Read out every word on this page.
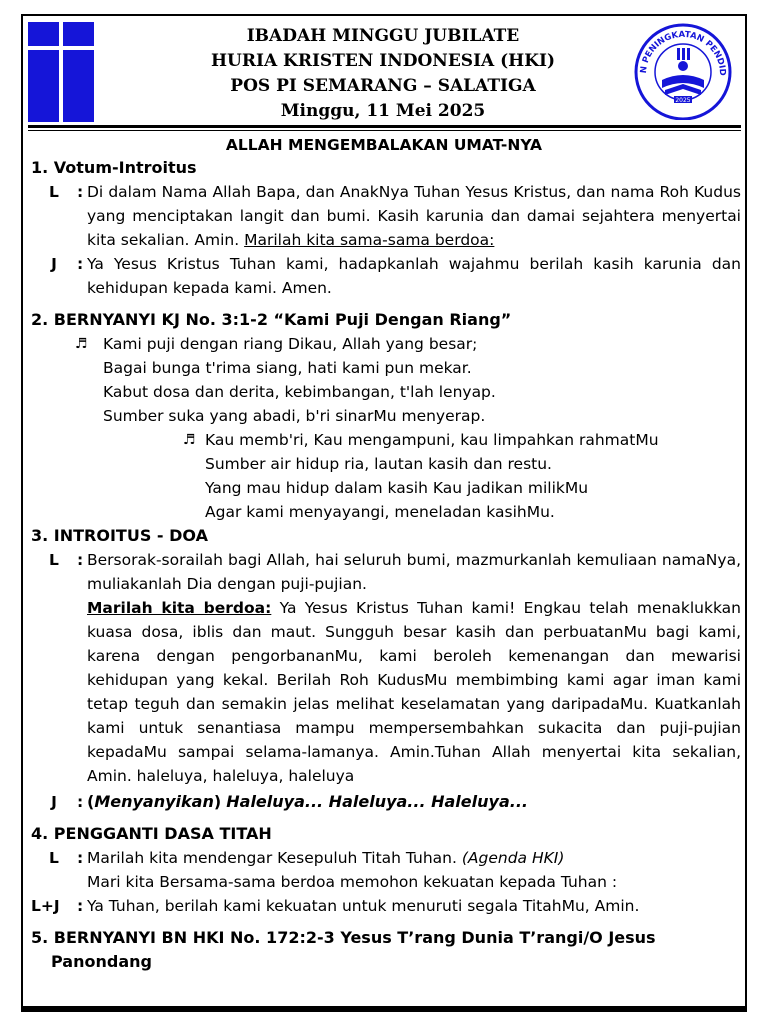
IBADAH MINGGU JUBILATE
HURIA KRISTEN INDONESIA (HKI)
POS PI SEMARANG – SALATIGA
Minggu, 11 Mei 2025
N PENINGKATAN PENDID
2025
ALLAH MENGEMBALAKAN UMAT-NYA
1. Votum-Introitus
L	: Di dalam Nama Allah Bapa, dan AnakNya Tuhan Yesus Kristus, dan nama Roh Kudus yang menciptakan langit dan bumi. Kasih karunia dan damai sejahtera menyertai kita sekalian. Amin. Marilah kita sama-sama berdoa:
J	: Ya Yesus Kristus Tuhan kami, hadapkanlah wajahmu berilah kasih karunia dan kehidupan kepada kami. Amen.
2. BERNYANYI KJ No. 3:1-2 “Kami Puji Dengan Riang”
♬ Kami puji dengan riang Dikau, Allah yang besar;
Bagai bunga t'rima siang, hati kami pun mekar.
Kabut dosa dan derita, kebimbangan, t'lah lenyap.
Sumber suka yang abadi, b'ri sinarMu menyerap.
♬ Kau memb'ri, Kau mengampuni, kau limpahkan rahmatMu
Sumber air hidup ria, lautan kasih dan restu.
Yang mau hidup dalam kasih Kau jadikan milikMu
Agar kami menyayangi, meneladan kasihMu.
3. INTROITUS - DOA
L	: Bersorak-sorailah bagi Allah, hai seluruh bumi, mazmurkanlah kemuliaan namaNya, muliakanlah Dia dengan puji-pujian.
Marilah kita berdoa: Ya Yesus Kristus Tuhan kami! Engkau telah menaklukkan kuasa dosa, iblis dan maut. Sungguh besar kasih dan perbuatanMu bagi kami, karena dengan pengorbananMu, kami beroleh kemenangan dan mewarisi kehidupan yang kekal. Berilah Roh KudusMu membimbing kami agar iman kami tetap teguh dan semakin jelas melihat keselamatan yang daripadaMu. Kuatkanlah kami untuk senantiasa mampu mempersembahkan sukacita dan puji-pujian kepadaMu sampai selama-lamanya. Amin.Tuhan Allah menyertai kita sekalian, Amin. haleluya, haleluya, haleluya
J	: (Menyanyikan) Haleluya... Haleluya... Haleluya...
4. PENGGANTI DASA TITAH
L	: Marilah kita mendengar Kesepuluh Titah Tuhan. (Agenda HKI)
Mari kita Bersama-sama berdoa memohon kekuatan kepada Tuhan :
L+J	: Ya Tuhan, berilah kami kekuatan untuk menuruti segala TitahMu, Amin.
5. BERNYANYI BN HKI No. 172:2-3 Yesus T’rang Dunia T’rangi/O Jesus Panondang
